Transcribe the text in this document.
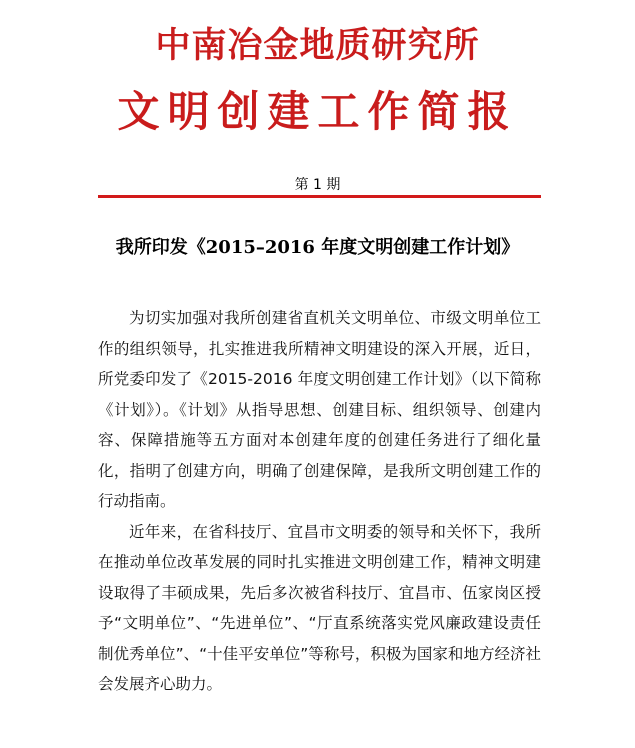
中南冶金地质研究所
文明创建工作简报
第 1 期
我所印发《2015–2016 年度文明创建工作计划》

为切实加强对我所创建省直机关文明单位、市级文明单位工作的组织领导，扎实推进我所精神文明建设的深入开展，近日，所党委印发了《2015-2016 年度文明创建工作计划》（以下简称《计划》）。《计划》从指导思想、创建目标、组织领导、创建内容、保障措施等五方面对本创建年度的创建任务进行了细化量化，指明了创建方向，明确了创建保障，是我所文明创建工作的行动指南。

近年来，在省科技厅、宜昌市文明委的领导和关怀下，我所在推动单位改革发展的同时扎实推进文明创建工作，精神文明建设取得了丰硕成果，先后多次被省科技厅、宜昌市、伍家岗区授予“文明单位”、“先进单位”、“厅直系统落实党风廉政建设责任制优秀单位”、“十佳平安单位”等称号，积极为国家和地方经济社会发展齐心助力。
